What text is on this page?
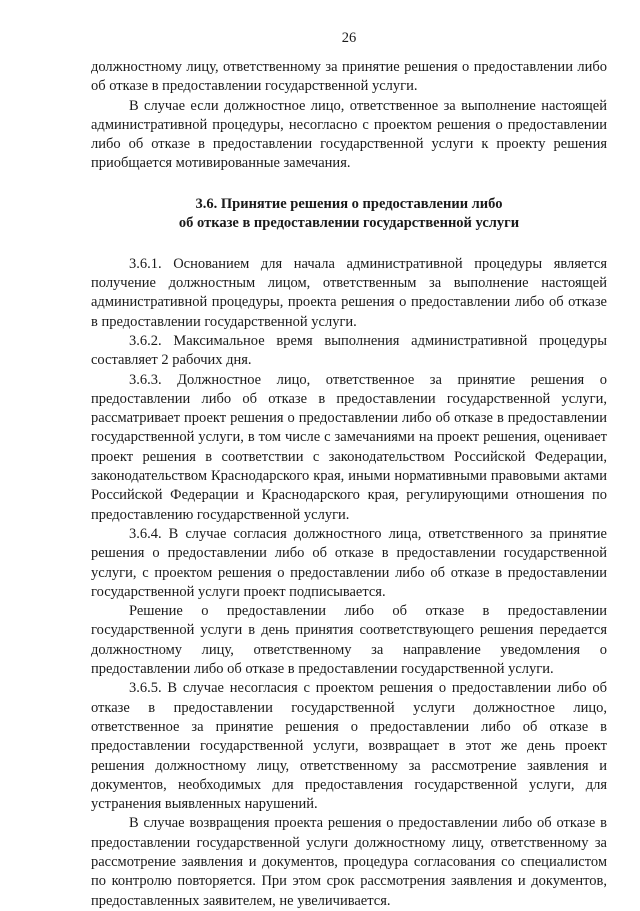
26

должностному лицу, ответственному за принятие решения о предоставлении либо об отказе в предоставлении государственной услуги.

В случае если должностное лицо, ответственное за выполнение настоящей административной процедуры, несогласно с проектом решения о предоставлении либо об отказе в предоставлении государственной услуги к проекту решения приобщается мотивированные замечания.

3.6. Принятие решения о предоставлении либо
об отказе в предоставлении государственной услуги

3.6.1. Основанием для начала административной процедуры является получение должностным лицом, ответственным за выполнение настоящей административной процедуры, проекта решения о предоставлении либо об отказе в предоставлении государственной услуги.

3.6.2. Максимальное время выполнения административной процедуры составляет 2 рабочих дня.

3.6.3. Должностное лицо, ответственное за принятие решения о предоставлении либо об отказе в предоставлении государственной услуги, рассматривает проект решения о предоставлении либо об отказе в предоставлении государственной услуги, в том числе с замечаниями на проект решения, оценивает проект решения в соответствии с законодательством Российской Федерации, законодательством Краснодарского края, иными нормативными правовыми актами Российской Федерации и Краснодарского края, регулирующими отношения по предоставлению государственной услуги.

3.6.4. В случае согласия должностного лица, ответственного за принятие решения о предоставлении либо об отказе в предоставлении государственной услуги, с проектом решения о предоставлении либо об отказе в предоставлении государственной услуги проект подписывается.

Решение о предоставлении либо об отказе в предоставлении государственной услуги в день принятия соответствующего решения передается должностному лицу, ответственному за направление уведомления о предоставлении либо об отказе в предоставлении государственной услуги.

3.6.5. В случае несогласия с проектом решения о предоставлении либо об отказе в предоставлении государственной услуги должностное лицо, ответственное за принятие решения о предоставлении либо об отказе в предоставлении государственной услуги, возвращает в этот же день проект решения должностному лицу, ответственному за рассмотрение заявления и документов, необходимых для предоставления государственной услуги, для устранения выявленных нарушений.

В случае возвращения проекта решения о предоставлении либо об отказе в предоставлении государственной услуги должностному лицу, ответственному за рассмотрение заявления и документов, процедура согласования со специалистом по контролю повторяется. При этом срок рассмотрения заявления и документов, предоставленных заявителем, не увеличивается.
